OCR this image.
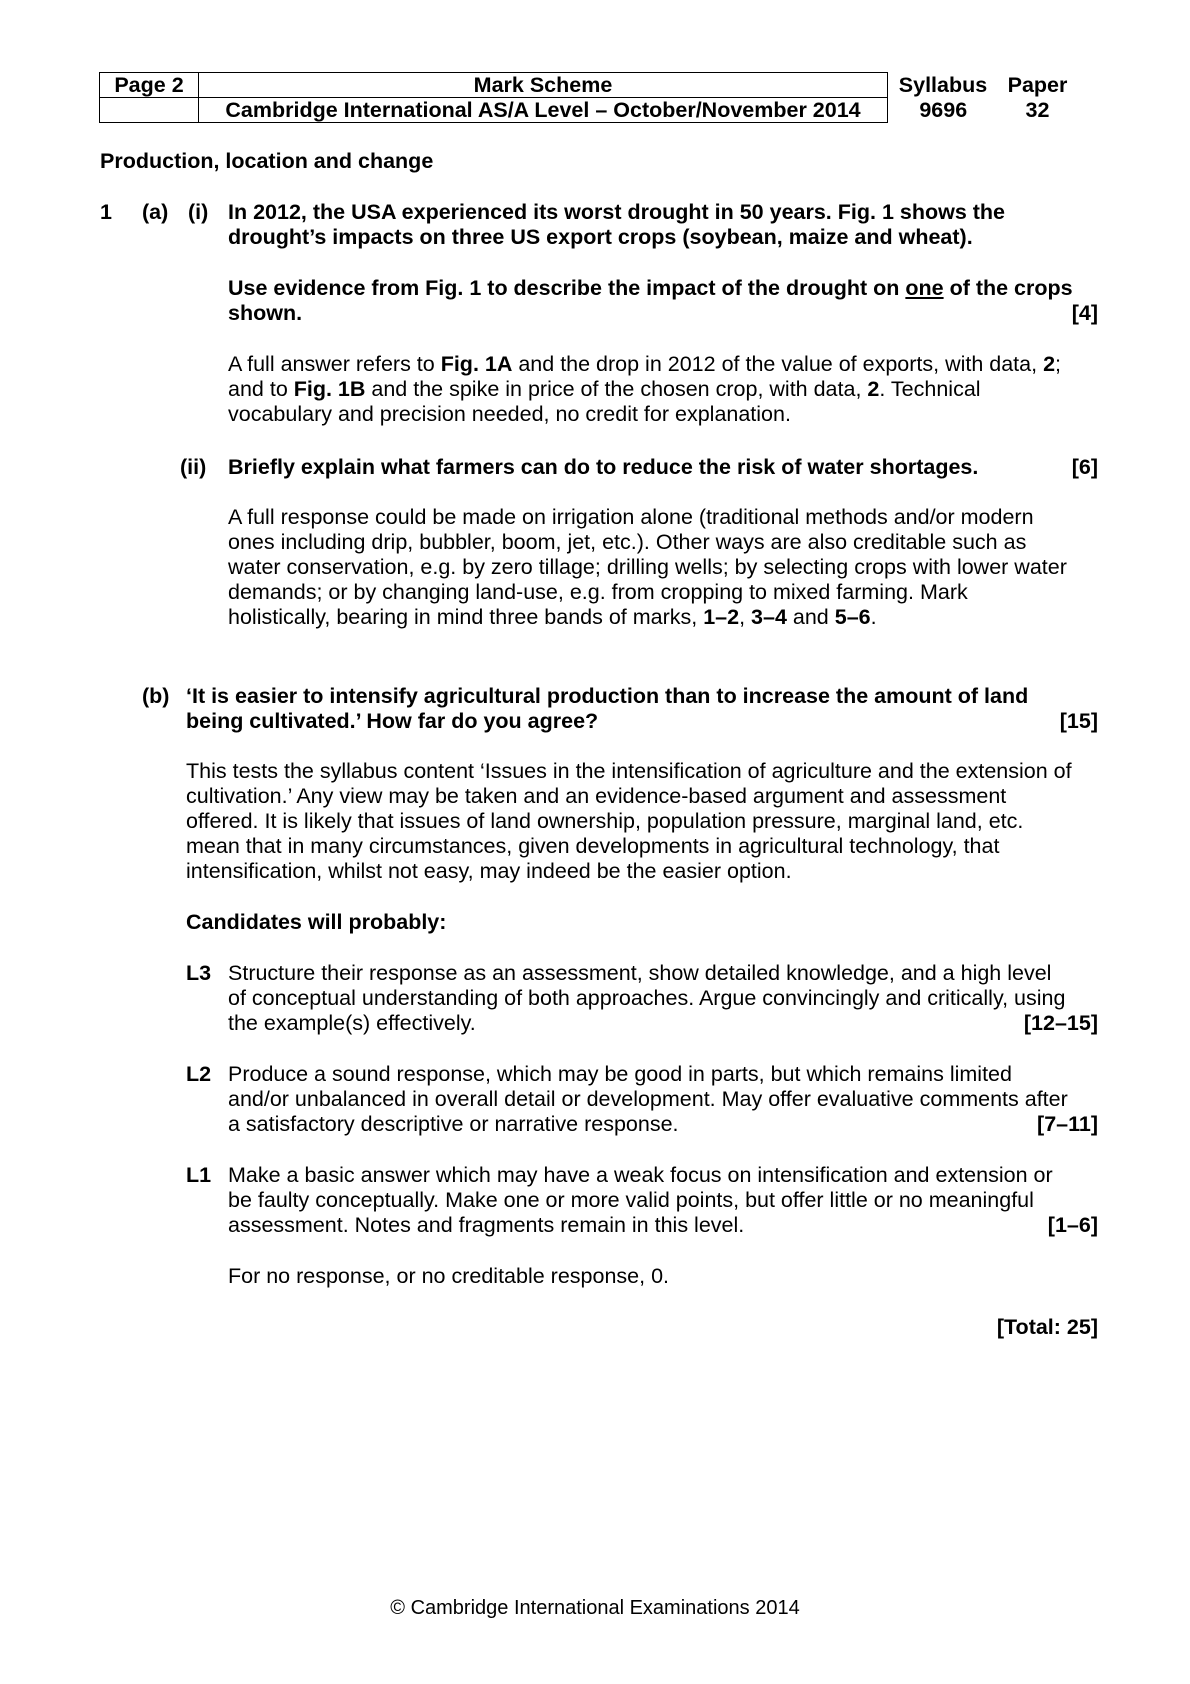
Page 2	Mark Scheme	Syllabus	Paper
	Cambridge International AS/A Level – October/November 2014	9696	32
Production, location and change
1 (a) (i) In 2012, the USA experienced its worst drought in 50 years. Fig. 1 shows the
drought’s impacts on three US export crops (soybean, maize and wheat).
Use evidence from Fig. 1 to describe the impact of the drought on one of the crops
shown.	[4]
A full answer refers to Fig. 1A and the drop in 2012 of the value of exports, with data, 2;
and to Fig. 1B and the spike in price of the chosen crop, with data, 2. Technical
vocabulary and precision needed, no credit for explanation.
(ii) Briefly explain what farmers can do to reduce the risk of water shortages.	[6]
A full response could be made on irrigation alone (traditional methods and/or modern
ones including drip, bubbler, boom, jet, etc.). Other ways are also creditable such as
water conservation, e.g. by zero tillage; drilling wells; by selecting crops with lower water
demands; or by changing land-use, e.g. from cropping to mixed farming. Mark
holistically, bearing in mind three bands of marks, 1–2, 3–4 and 5–6.
(b) ‘It is easier to intensify agricultural production than to increase the amount of land
being cultivated.’ How far do you agree?	[15]
This tests the syllabus content ‘Issues in the intensification of agriculture and the extension of
cultivation.’ Any view may be taken and an evidence-based argument and assessment
offered. It is likely that issues of land ownership, population pressure, marginal land, etc.
mean that in many circumstances, given developments in agricultural technology, that
intensification, whilst not easy, may indeed be the easier option.
Candidates will probably:
L3 Structure their response as an assessment, show detailed knowledge, and a high level
of conceptual understanding of both approaches. Argue convincingly and critically, using
the example(s) effectively.	[12–15]
L2 Produce a sound response, which may be good in parts, but which remains limited
and/or unbalanced in overall detail or development. May offer evaluative comments after
a satisfactory descriptive or narrative response.	[7–11]
L1 Make a basic answer which may have a weak focus on intensification and extension or
be faulty conceptually. Make one or more valid points, but offer little or no meaningful
assessment. Notes and fragments remain in this level.	[1–6]
For no response, or no creditable response, 0.
[Total: 25]
© Cambridge International Examinations 2014
